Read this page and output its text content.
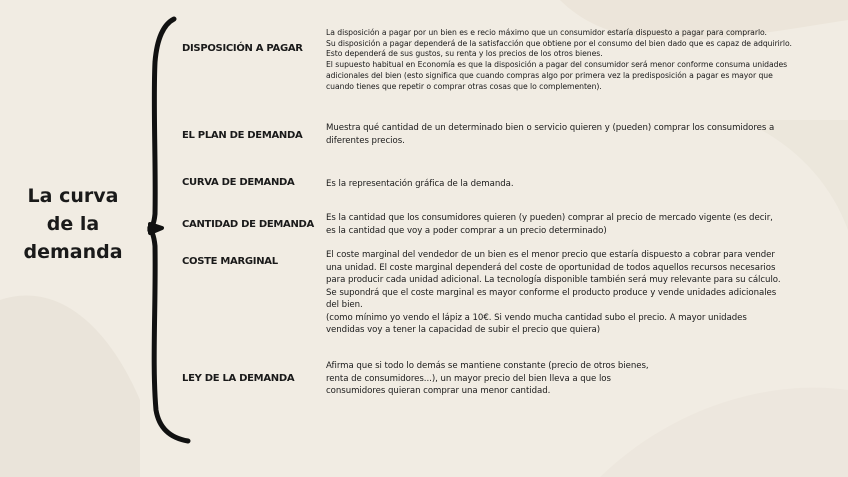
La curva de la demanda
DISPOSICIÓN A PAGAR

La disposición a pagar por un bien es e recio máximo que un consumidor estaría dispuesto a pagar para comprarlo.

Su disposición a pagar dependerá de la satisfacción que obtiene por el consumo del bien dado que es capaz de adquirirlo.

Esto dependerá de sus gustos, su renta y los precios de los otros bienes.

El supuesto habitual en Economía es que la disposición a pagar del consumidor será menor conforme consuma unidades

adicionales del bien (esto significa que cuando compras algo por primera vez la predisposición a pagar es mayor que

cuando tienes que repetir o comprar otras cosas que lo complementen).

EL PLAN DE DEMANDA

Muestra qué cantidad de un determinado bien o servicio quieren y (pueden) comprar los consumidores a

diferentes precios.

CURVA DE DEMANDA	Es la representación gráfica de la demanda.

CANTIDAD DE DEMANDA

Es la cantidad que los consumidores quieren (y pueden) comprar al precio de mercado vigente (es decir,

es la cantidad que voy a poder comprar a un precio determinado)

COSTE MARGINAL

El coste marginal del vendedor de un bien es el menor precio que estaría dispuesto a cobrar para vender

una unidad. El coste marginal dependerá del coste de oportunidad de todos aquellos recursos necesarios

para producir cada unidad adicional. La tecnología disponible también será muy relevante para su cálculo.

Se supondrá que el coste marginal es mayor conforme el producto produce y vende unidades adicionales

del bien.

(como mínimo yo vendo el lápiz a 10€. Si vendo mucha cantidad subo el precio. A mayor unidades

vendidas voy a tener la capacidad de subir el precio que quiera)

LEY DE LA DEMANDA

Afirma que si todo lo demás se mantiene constante (precio de otros bienes,

renta de consumidores...), un mayor precio del bien lleva a que los

consumidores quieran comprar una menor cantidad.
